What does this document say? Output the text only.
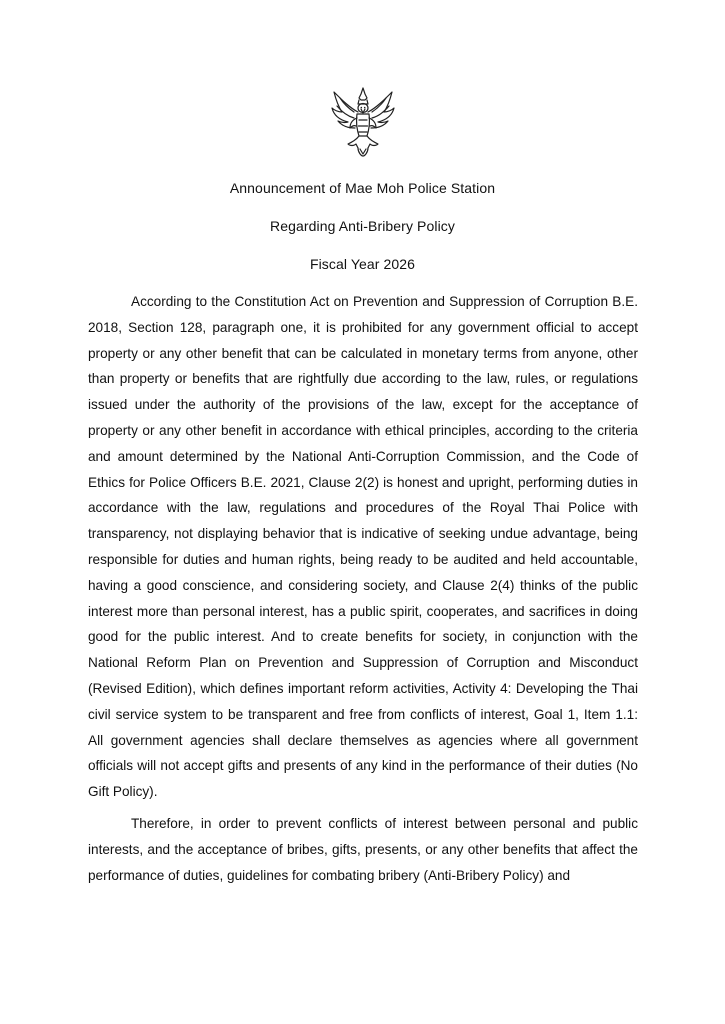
Announcement of Mae Moh Police Station
Regarding Anti-Bribery Policy
Fiscal Year 2026

According to the Constitution Act on Prevention and Suppression of Corruption B.E. 2018, Section 128, paragraph one, it is prohibited for any government official to accept property or any other benefit that can be calculated in monetary terms from anyone, other than property or benefits that are rightfully due according to the law, rules, or regulations issued under the authority of the provisions of the law, except for the acceptance of property or any other benefit in accordance with ethical principles, according to the criteria and amount determined by the National Anti-Corruption Commission, and the Code of Ethics for Police Officers B.E. 2021, Clause 2(2) is honest and upright, performing duties in accordance with the law, regulations and procedures of the Royal Thai Police with transparency, not displaying behavior that is indicative of seeking undue advantage, being responsible for duties and human rights, being ready to be audited and held accountable, having a good conscience, and considering society, and Clause 2(4) thinks of the public interest more than personal interest, has a public spirit, cooperates, and sacrifices in doing good for the public interest. And to create benefits for society, in conjunction with the National Reform Plan on Prevention and Suppression of Corruption and Misconduct (Revised Edition), which defines important reform activities, Activity 4: Developing the Thai civil service system to be transparent and free from conflicts of interest, Goal 1, Item 1.1: All government agencies shall declare themselves as agencies where all government officials will not accept gifts and presents of any kind in the performance of their duties (No Gift Policy).

Therefore, in order to prevent conflicts of interest between personal and public interests, and the acceptance of bribes, gifts, presents, or any other benefits that affect the performance of duties, guidelines for combating bribery (Anti-Bribery Policy) and
